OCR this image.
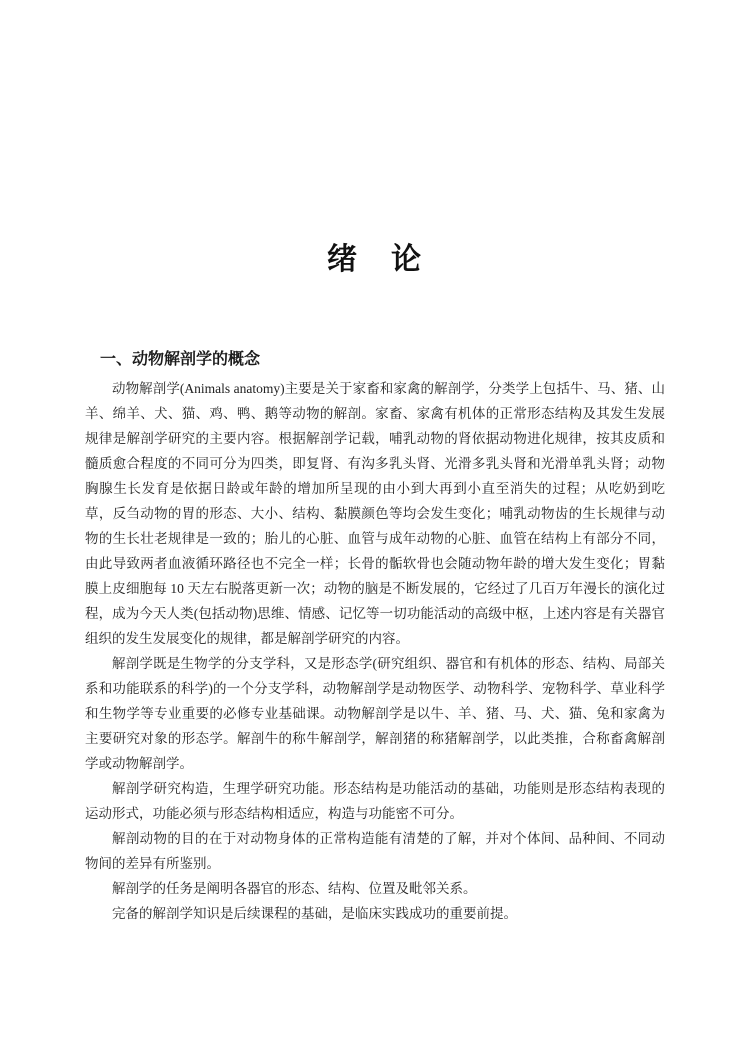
绪　论
一、动物解剖学的概念

动物解剖学(Animals anatomy)主要是关于家畜和家禽的解剖学，分类学上包括牛、马、猪、山羊、绵羊、犬、猫、鸡、鸭、鹅等动物的解剖。家畜、家禽有机体的正常形态结构及其发生发展规律是解剖学研究的主要内容。根据解剖学记载，哺乳动物的肾依据动物进化规律，按其皮质和髓质愈合程度的不同可分为四类，即复肾、有沟多乳头肾、光滑多乳头肾和光滑单乳头肾；动物胸腺生长发育是依据日龄或年龄的增加所呈现的由小到大再到小直至消失的过程；从吃奶到吃草，反刍动物的胃的形态、大小、结构、黏膜颜色等均会发生变化；哺乳动物齿的生长规律与动物的生长壮老规律是一致的；胎儿的心脏、血管与成年动物的心脏、血管在结构上有部分不同，由此导致两者血液循环路径也不完全一样；长骨的骺软骨也会随动物年龄的增大发生变化；胃黏膜上皮细胞每 10 天左右脱落更新一次；动物的脑是不断发展的，它经过了几百万年漫长的演化过程，成为今天人类(包括动物)思维、情感、记忆等一切功能活动的高级中枢，上述内容是有关器官组织的发生发展变化的规律，都是解剖学研究的内容。

解剖学既是生物学的分支学科，又是形态学(研究组织、器官和有机体的形态、结构、局部关系和功能联系的科学)的一个分支学科，动物解剖学是动物医学、动物科学、宠物科学、草业科学和生物学等专业重要的必修专业基础课。动物解剖学是以牛、羊、猪、马、犬、猫、兔和家禽为主要研究对象的形态学。解剖牛的称牛解剖学，解剖猪的称猪解剖学，以此类推，合称畜禽解剖学或动物解剖学。

解剖学研究构造，生理学研究功能。形态结构是功能活动的基础，功能则是形态结构表现的运动形式，功能必须与形态结构相适应，构造与功能密不可分。

解剖动物的目的在于对动物身体的正常构造能有清楚的了解，并对个体间、品种间、不同动物间的差异有所鉴别。

解剖学的任务是阐明各器官的形态、结构、位置及毗邻关系。

完备的解剖学知识是后续课程的基础，是临床实践成功的重要前提。
